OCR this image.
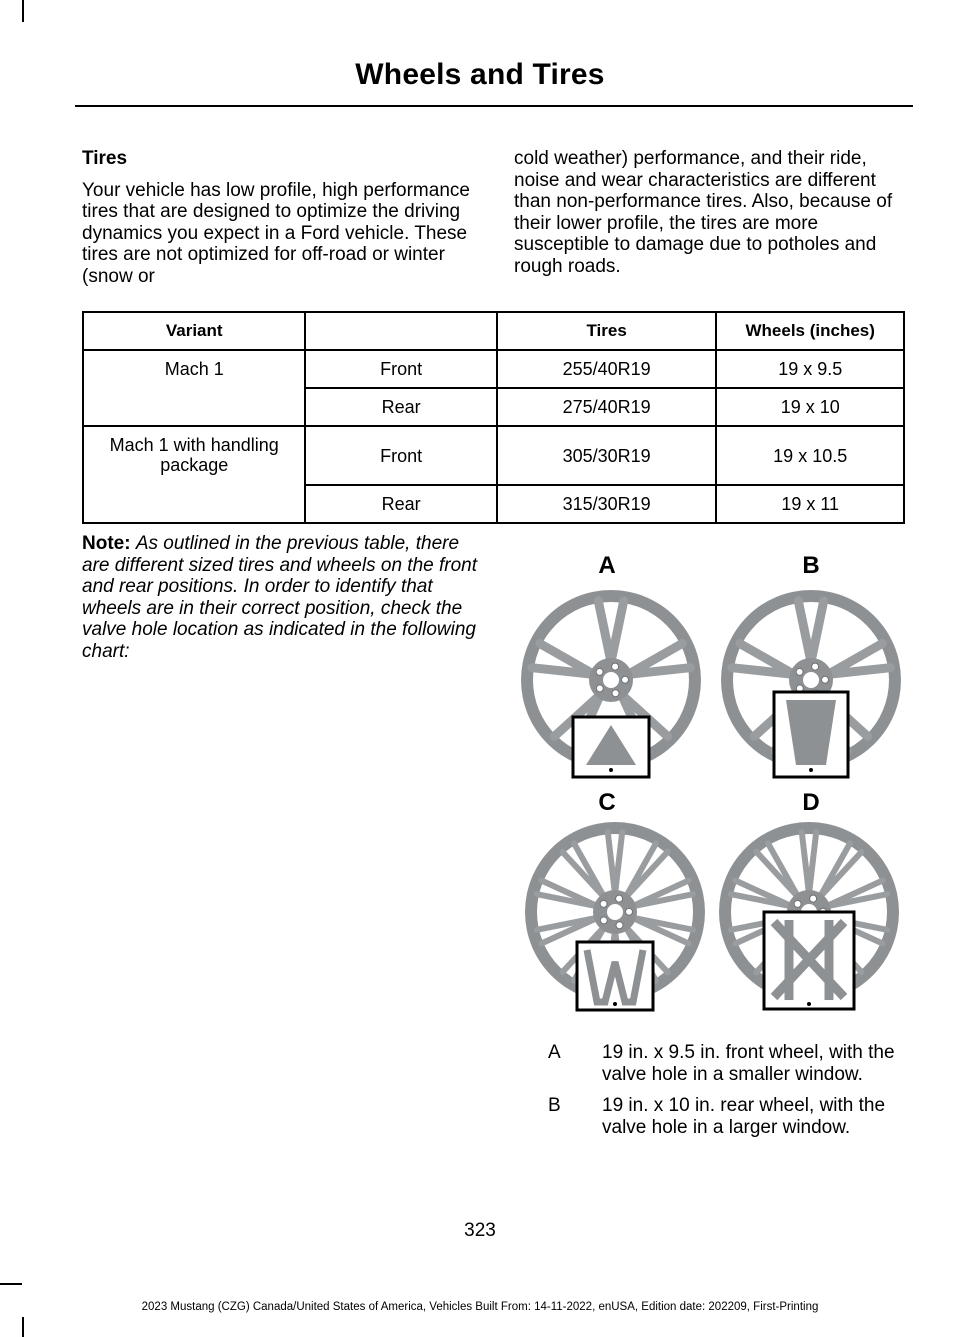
Wheels and Tires
Tires

Your vehicle has low profile, high performance tires that are designed to optimize the driving dynamics you expect in a Ford vehicle. These tires are not optimized for off-road or winter (snow or

cold weather) performance, and their ride, noise and wear characteristics are different than non-performance tires. Also, because of their lower profile, the tires are more susceptible to damage due to potholes and rough roads.

Variant		Tires	Wheels (inches)
Mach 1	Front	255/40R19	19 x 9.5
	Rear	275/40R19	19 x 10
Mach 1 with handling package	Front	305/30R19	19 x 10.5
	Rear	315/30R19	19 x 11
Note: As outlined in the previous table, there are different sized tires and wheels on the front and rear positions. In order to identify that wheels are in their correct position, check the valve hole location as indicated in the following chart:
A	B
C	D
A	19 in. x 9.5 in. front wheel, with the valve hole in a smaller window.
B	19 in. x 10 in. rear wheel, with the valve hole in a larger window.
323
2023 Mustang (CZG) Canada/United States of America, Vehicles Built From: 14-11-2022, enUSA, Edition date: 202209, First-Printing
